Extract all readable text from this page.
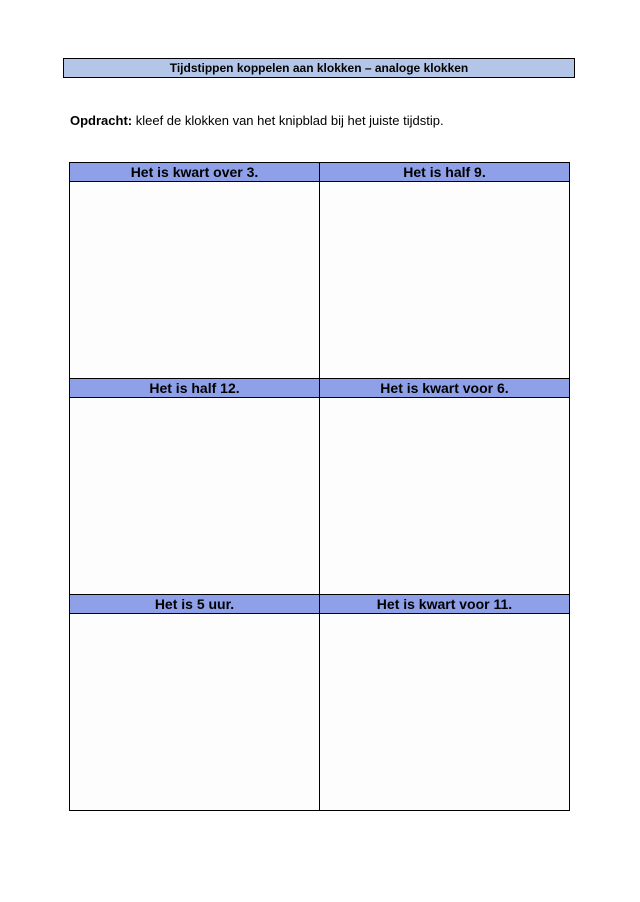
Tijdstippen koppelen aan klokken – analoge klokken
Opdracht: kleef de klokken van het knipblad bij het juiste tijdstip.
Het is kwart over 3.	Het is half 9.

Het is half 12.	Het is kwart voor 6.

Het is 5 uur.	Het is kwart voor 11.
